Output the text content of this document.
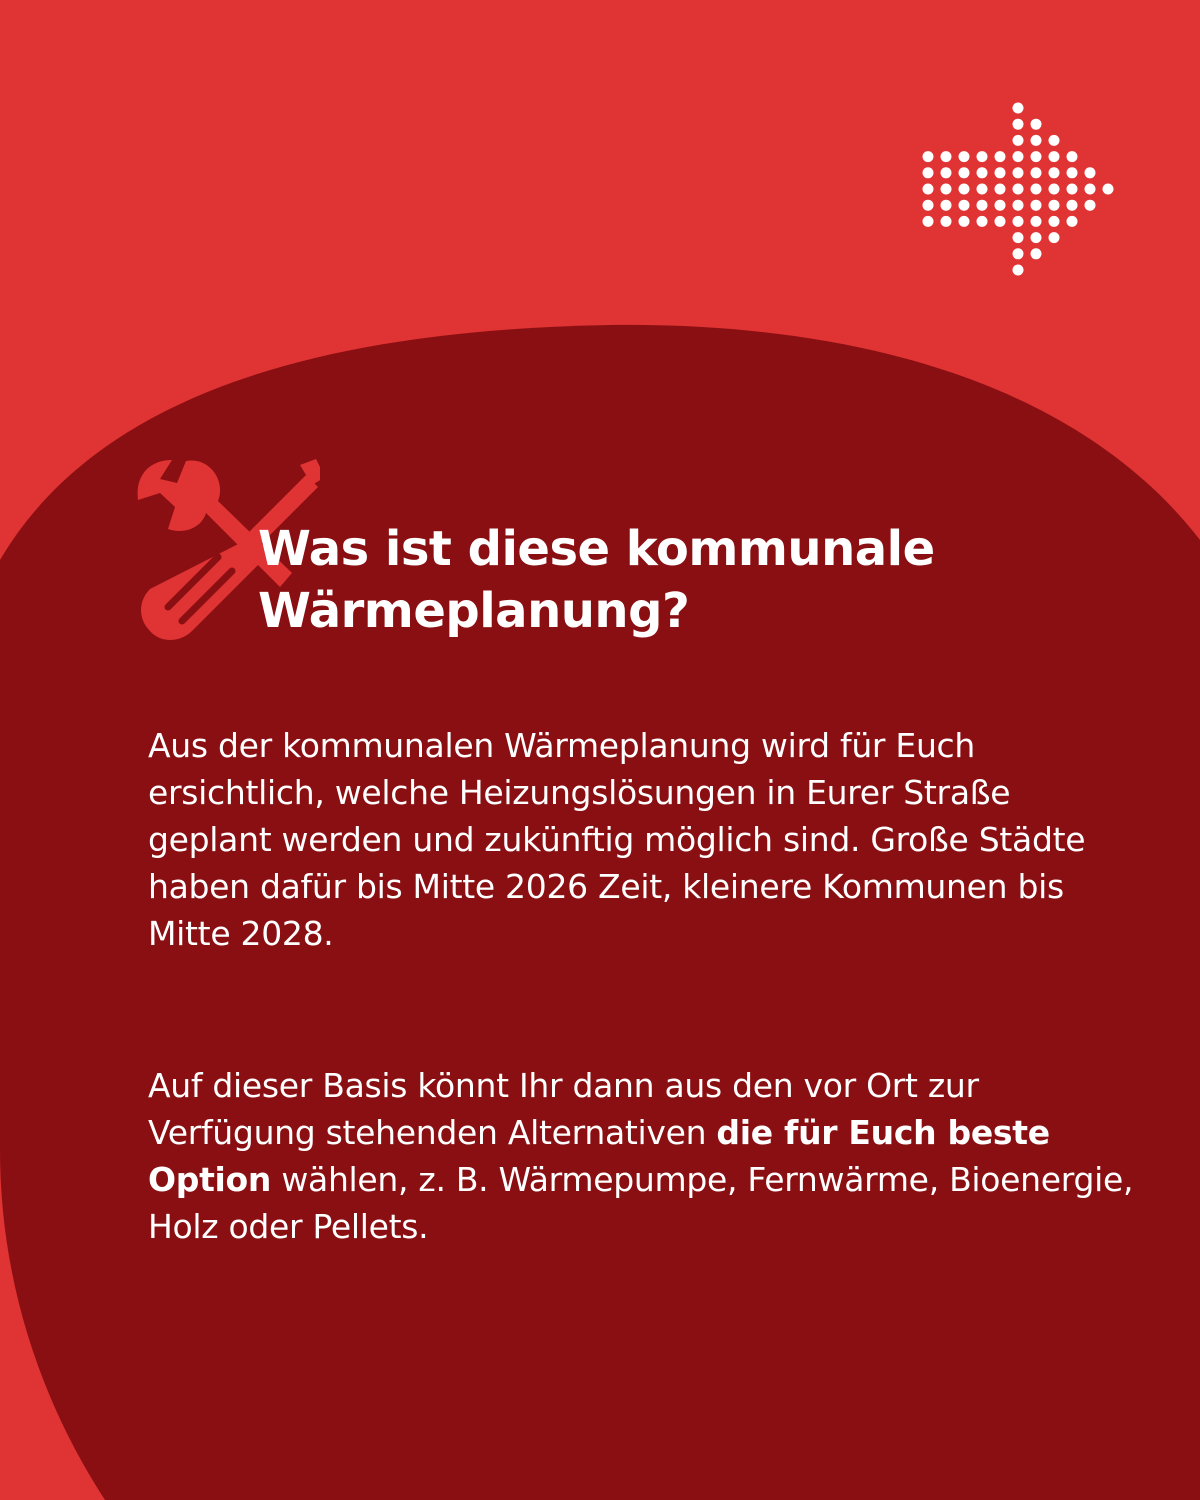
Was ist diese kommunale
Wärmeplanung?

Aus der kommunalen Wärmeplanung wird für Euch ersichtlich, welche Heizungslösungen in Eurer Straße geplant werden und zukünftig möglich sind. Große Städte haben dafür bis Mitte 2026 Zeit, kleinere Kommunen bis Mitte 2028.

Auf dieser Basis könnt Ihr dann aus den vor Ort zur Verfügung stehenden Alternativen die für Euch beste Option wählen, z. B. Wärmepumpe, Fernwärme, Bioenergie, Holz oder Pellets.
